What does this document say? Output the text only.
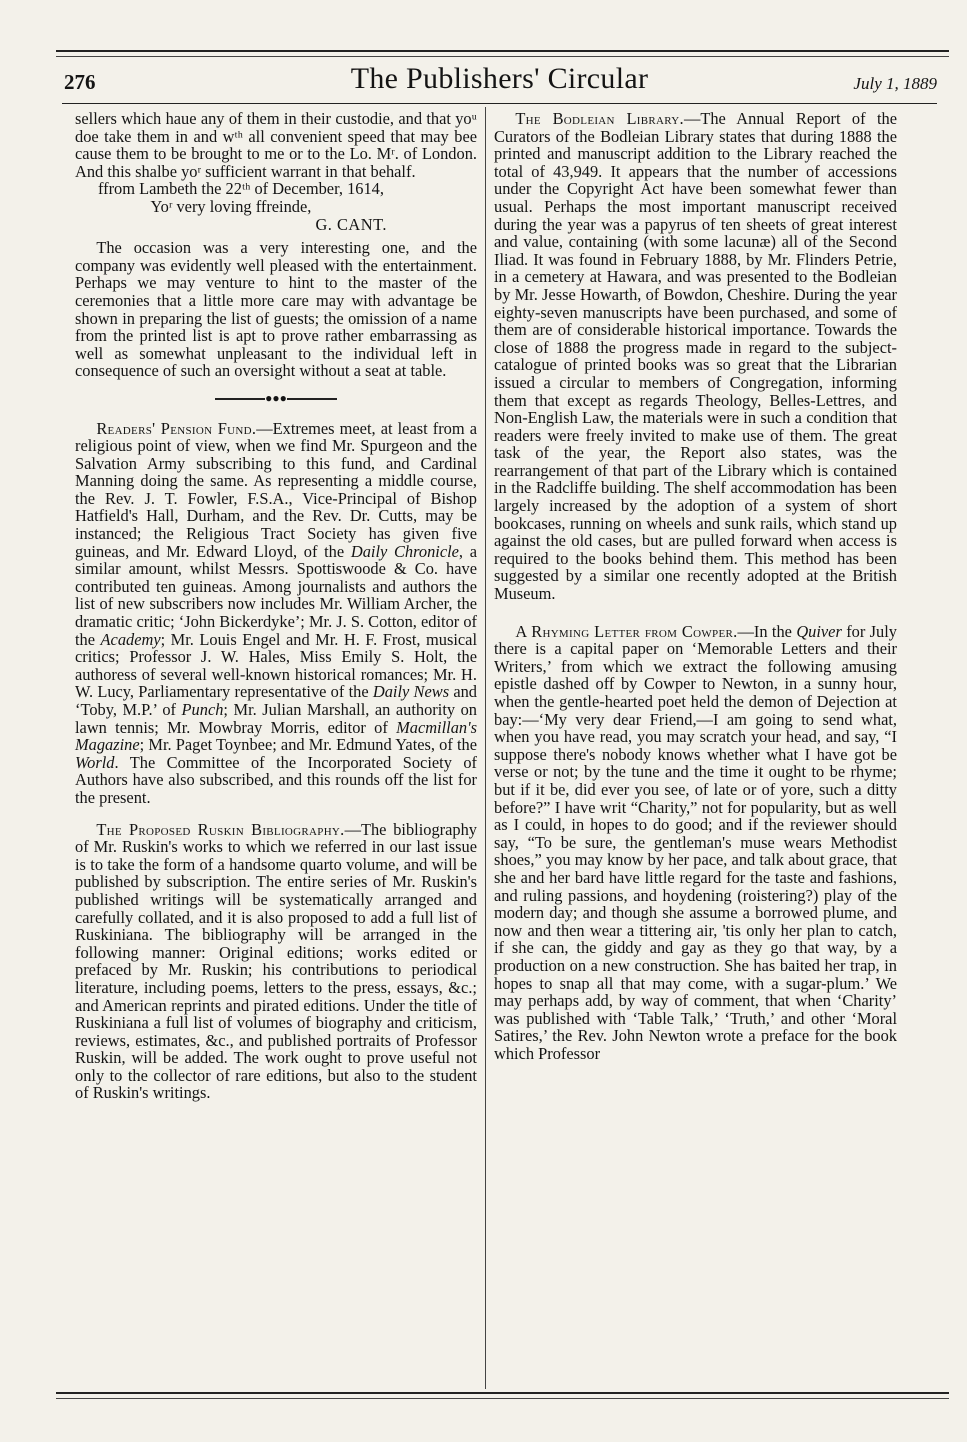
276	The Publishers' Circular	July 1, 1889

sellers which haue any of them in their custodie, and that yoᵘ doe take them in and wᵗʰ all convenient speed that may bee cause them to be brought to me or to the Lo. Mʳ. of London. And this shalbe yoʳ sufficient warrant in that behalf.

ffrom Lambeth the 22ᵗʰ of December, 1614,

Yoʳ very loving ffreinde,

G. CANT.

The occasion was a very interesting one, and the company was evidently well pleased with the entertainment. Perhaps we may venture to hint to the master of the ceremonies that a little more care may with advantage be shown in preparing the list of guests; the omission of a name from the printed list is apt to prove rather embarrassing as well as somewhat unpleasant to the individual left in consequence of such an oversight without a seat at table.

●●●

Readers' Pension Fund.—Extremes meet, at least from a religious point of view, when we find Mr. Spurgeon and the Salvation Army subscribing to this fund, and Cardinal Manning doing the same. As representing a middle course, the Rev. J. T. Fowler, F.S.A., Vice-Principal of Bishop Hatfield's Hall, Durham, and the Rev. Dr. Cutts, may be instanced; the Religious Tract Society has given five guineas, and Mr. Edward Lloyd, of the Daily Chronicle, a similar amount, whilst Messrs. Spottiswoode & Co. have contributed ten guineas. Among journalists and authors the list of new subscribers now includes Mr. William Archer, the dramatic critic; ‘John Bickerdyke’; Mr. J. S. Cotton, editor of the Academy; Mr. Louis Engel and Mr. H. F. Frost, musical critics; Professor J. W. Hales, Miss Emily S. Holt, the authoress of several well-known historical romances; Mr. H. W. Lucy, Parliamentary representative of the Daily News and ‘Toby, M.P.’ of Punch; Mr. Julian Marshall, an authority on lawn tennis; Mr. Mowbray Morris, editor of Macmillan's Magazine; Mr. Paget Toynbee; and Mr. Edmund Yates, of the World. The Committee of the Incorporated Society of Authors have also subscribed, and this rounds off the list for the present.

The Proposed Ruskin Bibliography.—The bibliography of Mr. Ruskin's works to which we referred in our last issue is to take the form of a handsome quarto volume, and will be published by subscription. The entire series of Mr. Ruskin's published writings will be systematically arranged and carefully collated, and it is also proposed to add a full list of Ruskiniana. The bibliography will be arranged in the following manner: Original editions; works edited or prefaced by Mr. Ruskin; his contributions to periodical literature, including poems, letters to the press, essays, &c.; and American reprints and pirated editions. Under the title of Ruskiniana a full list of volumes of biography and criticism, reviews, estimates, &c., and published portraits of Professor Ruskin, will be added. The work ought to prove useful not only to the collector of rare editions, but also to the student of Ruskin's writings.

The Bodleian Library.—The Annual Report of the Curators of the Bodleian Library states that during 1888 the printed and manuscript addition to the Library reached the total of 43,949. It appears that the number of accessions under the Copyright Act have been somewhat fewer than usual. Perhaps the most important manuscript received during the year was a papyrus of ten sheets of great interest and value, containing (with some lacunæ) all of the Second Iliad. It was found in February 1888, by Mr. Flinders Petrie, in a cemetery at Hawara, and was presented to the Bodleian by Mr. Jesse Howarth, of Bowdon, Cheshire. During the year eighty-seven manuscripts have been purchased, and some of them are of considerable historical importance. Towards the close of 1888 the progress made in regard to the subject-catalogue of printed books was so great that the Librarian issued a circular to members of Congregation, informing them that except as regards Theology, Belles-Lettres, and Non-English Law, the materials were in such a condition that readers were freely invited to make use of them. The great task of the year, the Report also states, was the rearrangement of that part of the Library which is contained in the Radcliffe building. The shelf accommodation has been largely increased by the adoption of a system of short bookcases, running on wheels and sunk rails, which stand up against the old cases, but are pulled forward when access is required to the books behind them. This method has been suggested by a similar one recently adopted at the British Museum.

A Rhyming Letter from Cowper.—In the Quiver for July there is a capital paper on ‘Memorable Letters and their Writers,’ from which we extract the following amusing epistle dashed off by Cowper to Newton, in a sunny hour, when the gentle-hearted poet held the demon of Dejection at bay:—‘My very dear Friend,—I am going to send what, when you have read, you may scratch your head, and say, “I suppose there's nobody knows whether what I have got be verse or not; by the tune and the time it ought to be rhyme; but if it be, did ever you see, of late or of yore, such a ditty before?” I have writ “Charity,” not for popularity, but as well as I could, in hopes to do good; and if the reviewer should say, “To be sure, the gentleman's muse wears Methodist shoes,” you may know by her pace, and talk about grace, that she and her bard have little regard for the taste and fashions, and ruling passions, and hoydening (roistering?) play of the modern day; and though she assume a borrowed plume, and now and then wear a tittering air, 'tis only her plan to catch, if she can, the giddy and gay as they go that way, by a production on a new construction. She has baited her trap, in hopes to snap all that may come, with a sugar-plum.’ We may perhaps add, by way of comment, that when ‘Charity’ was published with ‘Table Talk,’ ‘Truth,’ and other ‘Moral Satires,’ the Rev. John Newton wrote a preface for the book which Professor
